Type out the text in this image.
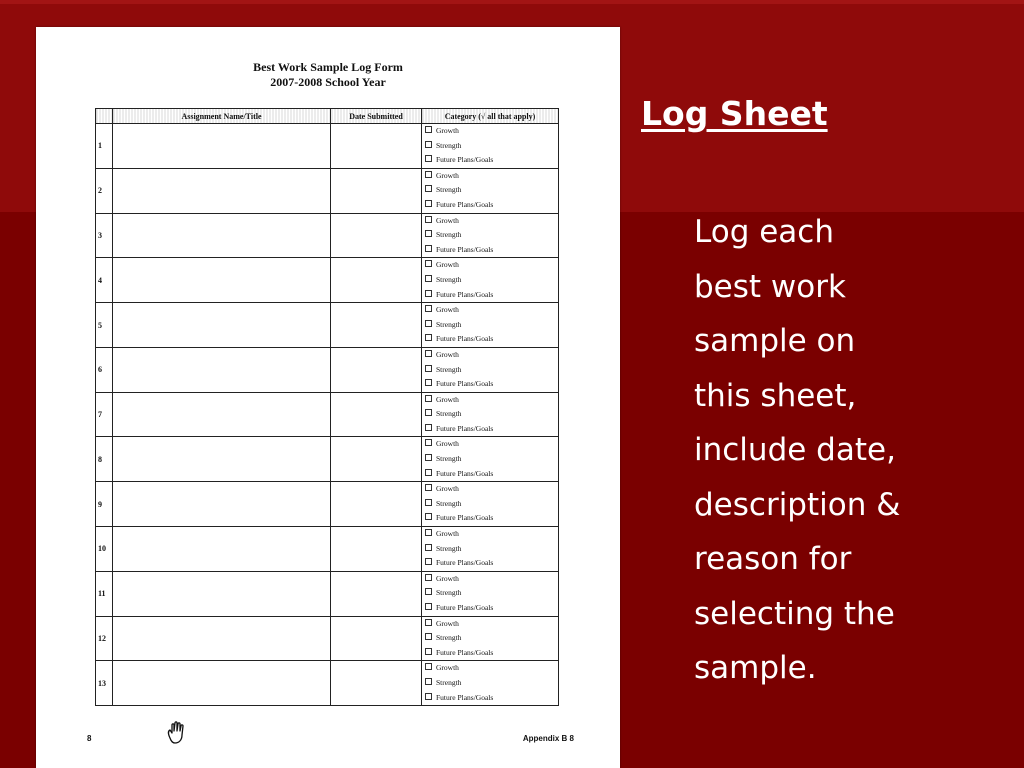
Best Work Sample Log Form
2007-2008 School Year
	Assignment Name/Title	Date Submitted	Category (√ all that apply)
1			Growth
Strength
Future Plans/Goals

2			Growth
Strength
Future Plans/Goals

3			Growth
Strength
Future Plans/Goals

4			Growth
Strength
Future Plans/Goals

5			Growth
Strength
Future Plans/Goals

6			Growth
Strength
Future Plans/Goals

7			Growth
Strength
Future Plans/Goals

8			Growth
Strength
Future Plans/Goals

9			Growth
Strength
Future Plans/Goals

10			Growth
Strength
Future Plans/Goals

11			Growth
Strength
Future Plans/Goals

12			Growth
Strength
Future Plans/Goals

13			Growth
Strength
Future Plans/Goals
8	Appendix B 8
Log Sheet
Log each
best work
sample on
this sheet,
include date,
description &
reason for
selecting the
sample.
